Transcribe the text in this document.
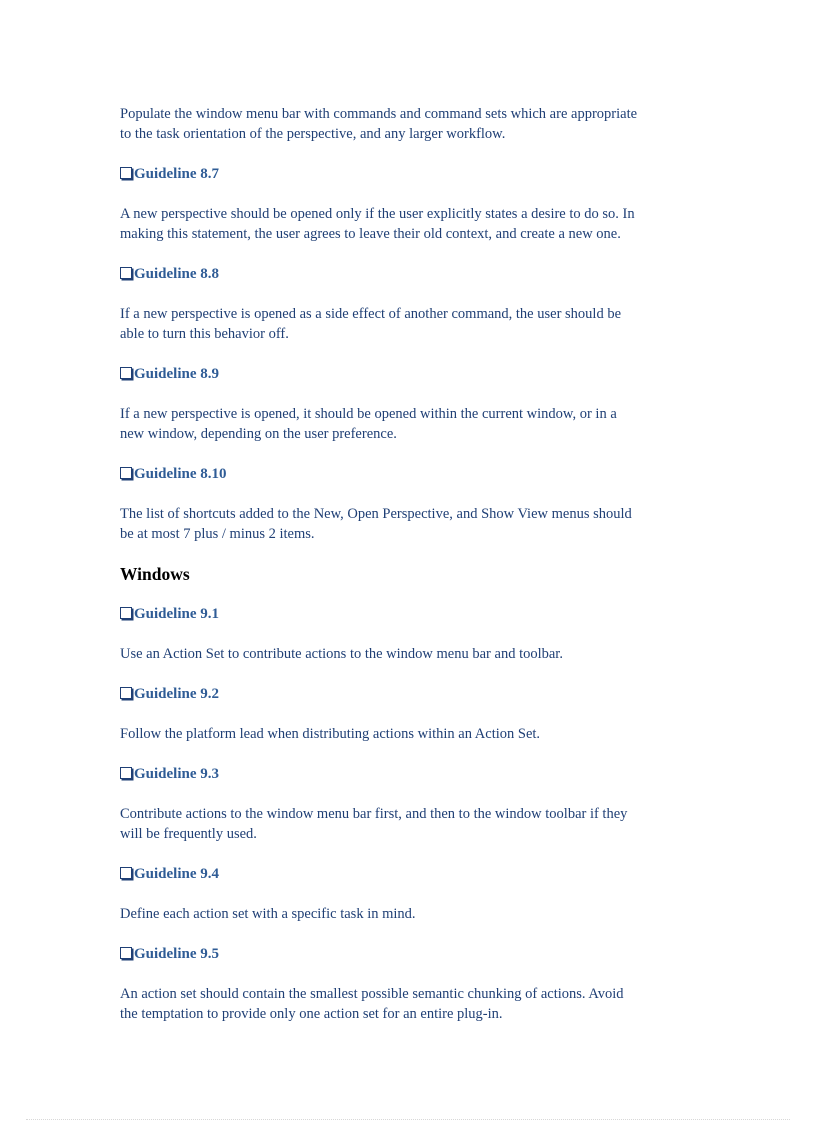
Populate the window menu bar with commands and command sets which are appropriate
to the task orientation of the perspective, and any larger workflow.
Guideline 8.7
A new perspective should be opened only if the user explicitly states a desire to do so. In
making this statement, the user agrees to leave their old context, and create a new one.
Guideline 8.8
If a new perspective is opened as a side effect of another command, the user should be
able to turn this behavior off.
Guideline 8.9
If a new perspective is opened, it should be opened within the current window, or in a
new window, depending on the user preference.
Guideline 8.10
The list of shortcuts added to the New, Open Perspective, and Show View menus should
be at most 7 plus / minus 2 items.
Windows
Guideline 9.1
Use an Action Set to contribute actions to the window menu bar and toolbar.
Guideline 9.2
Follow the platform lead when distributing actions within an Action Set.
Guideline 9.3
Contribute actions to the window menu bar first, and then to the window toolbar if they
will be frequently used.
Guideline 9.4
Define each action set with a specific task in mind.
Guideline 9.5
An action set should contain the smallest possible semantic chunking of actions. Avoid
the temptation to provide only one action set for an entire plug-in.
